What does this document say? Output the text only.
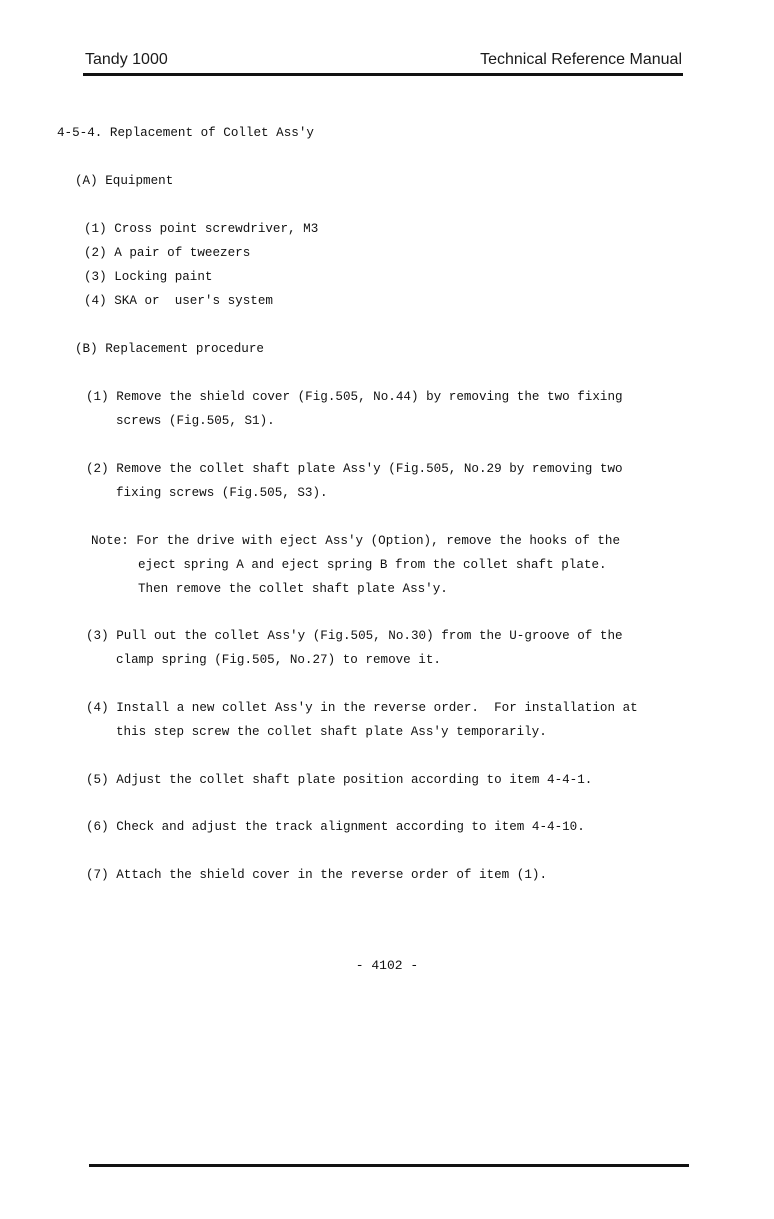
Tandy 1000	Technical Reference Manual
4-5-4. Replacement of Collet Ass'y
(A) Equipment
(1) Cross point screwdriver, M3
(2) A pair of tweezers
(3) Locking paint
(4) SKA or  user's system
(B) Replacement procedure
(1) Remove the shield cover (Fig.505, No.44) by removing the two fixing
screws (Fig.505, S1).
(2) Remove the collet shaft plate Ass'y (Fig.505, No.29 by removing two
fixing screws (Fig.505, S3).
Note: For the drive with eject Ass'y (Option), remove the hooks of the
eject spring A and eject spring B from the collet shaft plate.
Then remove the collet shaft plate Ass'y.
(3) Pull out the collet Ass'y (Fig.505, No.30) from the U-groove of the
clamp spring (Fig.505, No.27) to remove it.
(4) Install a new collet Ass'y in the reverse order.  For installation at
this step screw the collet shaft plate Ass'y temporarily.
(5) Adjust the collet shaft plate position according to item 4-4-1.
(6) Check and adjust the track alignment according to item 4-4-10.
(7) Attach the shield cover in the reverse order of item (1).
- 4102 -
